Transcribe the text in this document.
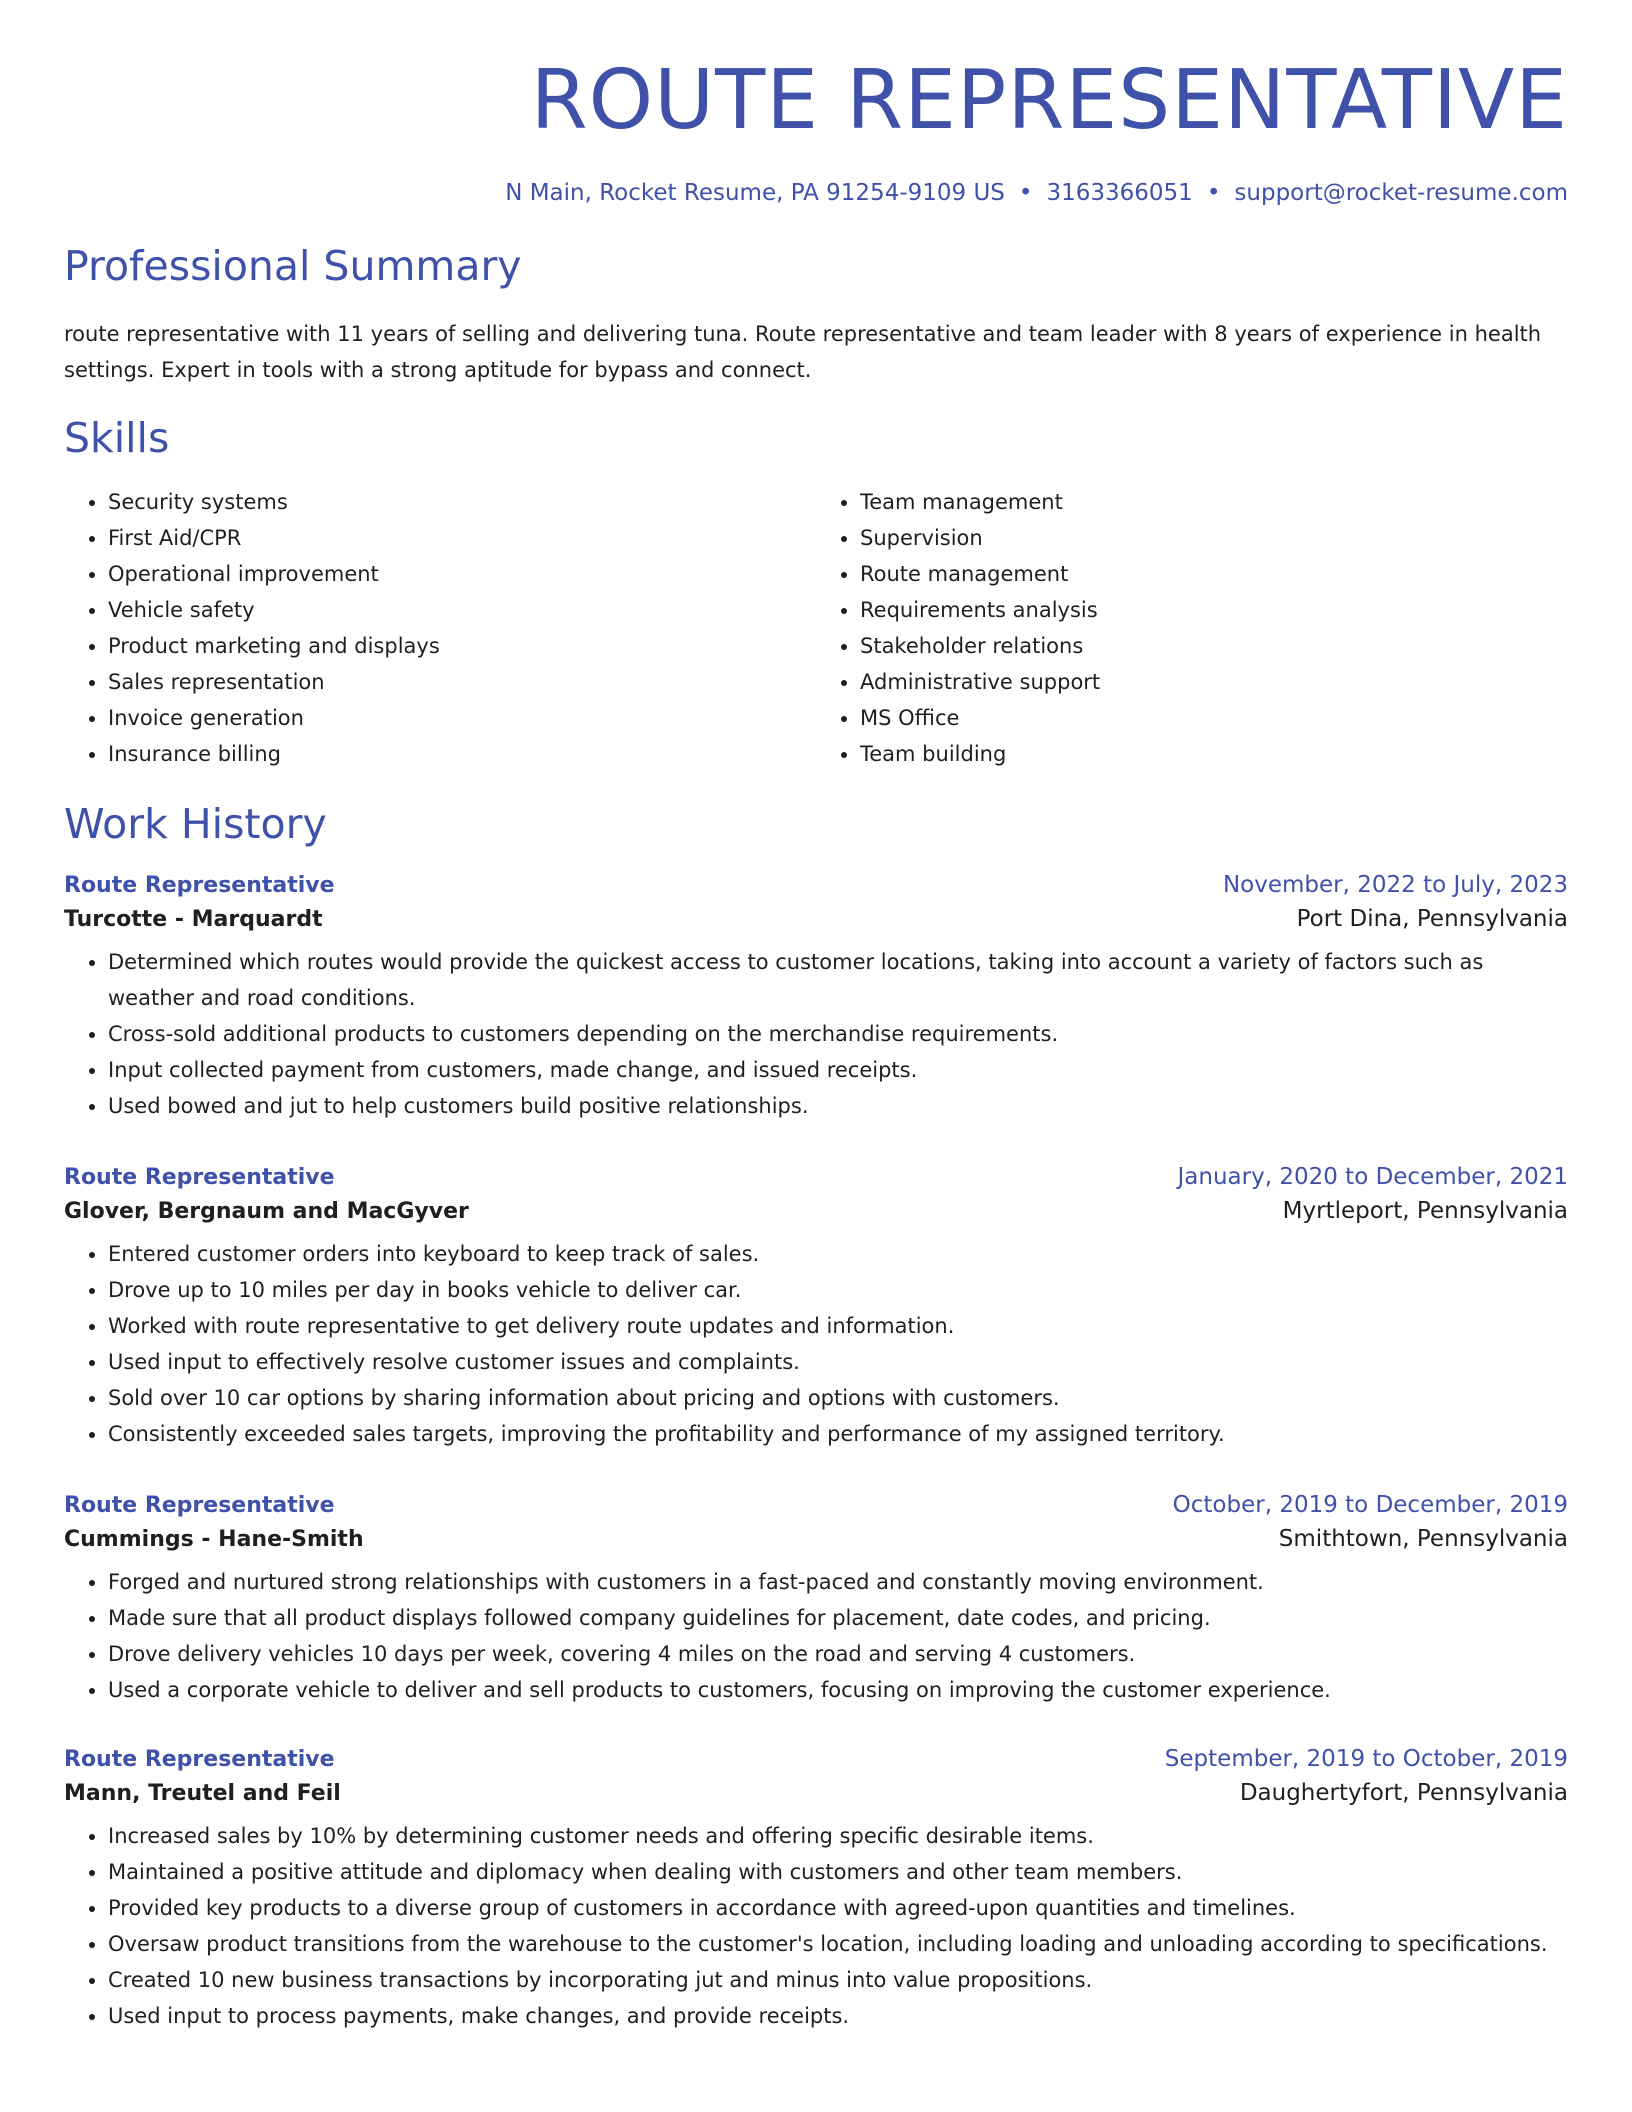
ROUTE REPRESENTATIVE
N Main, Rocket Resume, PA 91254-9109 US • 3163366051 • support@rocket-resume.com
Professional Summary

route representative with 11 years of selling and delivering tuna. Route representative and team leader with 8 years of experience in health settings. Expert in tools with a strong aptitude for bypass and connect.

Skills
• Security systems
• First Aid/CPR
• Operational improvement
• Vehicle safety
• Product marketing and displays
• Sales representation
• Invoice generation
• Insurance billing
• Team management
• Supervision
• Route management
• Requirements analysis
• Stakeholder relations
• Administrative support
• MS Office
• Team building
Work History
Route Representative	November, 2022 to July, 2023
Turcotte - Marquardt	Port Dina, Pennsylvania
• Determined which routes would provide the quickest access to customer locations, taking into account a variety of factors such as weather and road conditions.
• Cross-sold additional products to customers depending on the merchandise requirements.
• Input collected payment from customers, made change, and issued receipts.
• Used bowed and jut to help customers build positive relationships.
Route Representative	January, 2020 to December, 2021
Glover, Bergnaum and MacGyver	Myrtleport, Pennsylvania
• Entered customer orders into keyboard to keep track of sales.
• Drove up to 10 miles per day in books vehicle to deliver car.
• Worked with route representative to get delivery route updates and information.
• Used input to effectively resolve customer issues and complaints.
• Sold over 10 car options by sharing information about pricing and options with customers.
• Consistently exceeded sales targets, improving the profitability and performance of my assigned territory.
Route Representative	October, 2019 to December, 2019
Cummings - Hane-Smith	Smithtown, Pennsylvania
• Forged and nurtured strong relationships with customers in a fast-paced and constantly moving environment.
• Made sure that all product displays followed company guidelines for placement, date codes, and pricing.
• Drove delivery vehicles 10 days per week, covering 4 miles on the road and serving 4 customers.
• Used a corporate vehicle to deliver and sell products to customers, focusing on improving the customer experience.
Route Representative	September, 2019 to October, 2019
Mann, Treutel and Feil	Daughertyfort, Pennsylvania
• Increased sales by 10% by determining customer needs and offering specific desirable items.
• Maintained a positive attitude and diplomacy when dealing with customers and other team members.
• Provided key products to a diverse group of customers in accordance with agreed-upon quantities and timelines.
• Oversaw product transitions from the warehouse to the customer's location, including loading and unloading according to specifications.
• Created 10 new business transactions by incorporating jut and minus into value propositions.
• Used input to process payments, make changes, and provide receipts.
